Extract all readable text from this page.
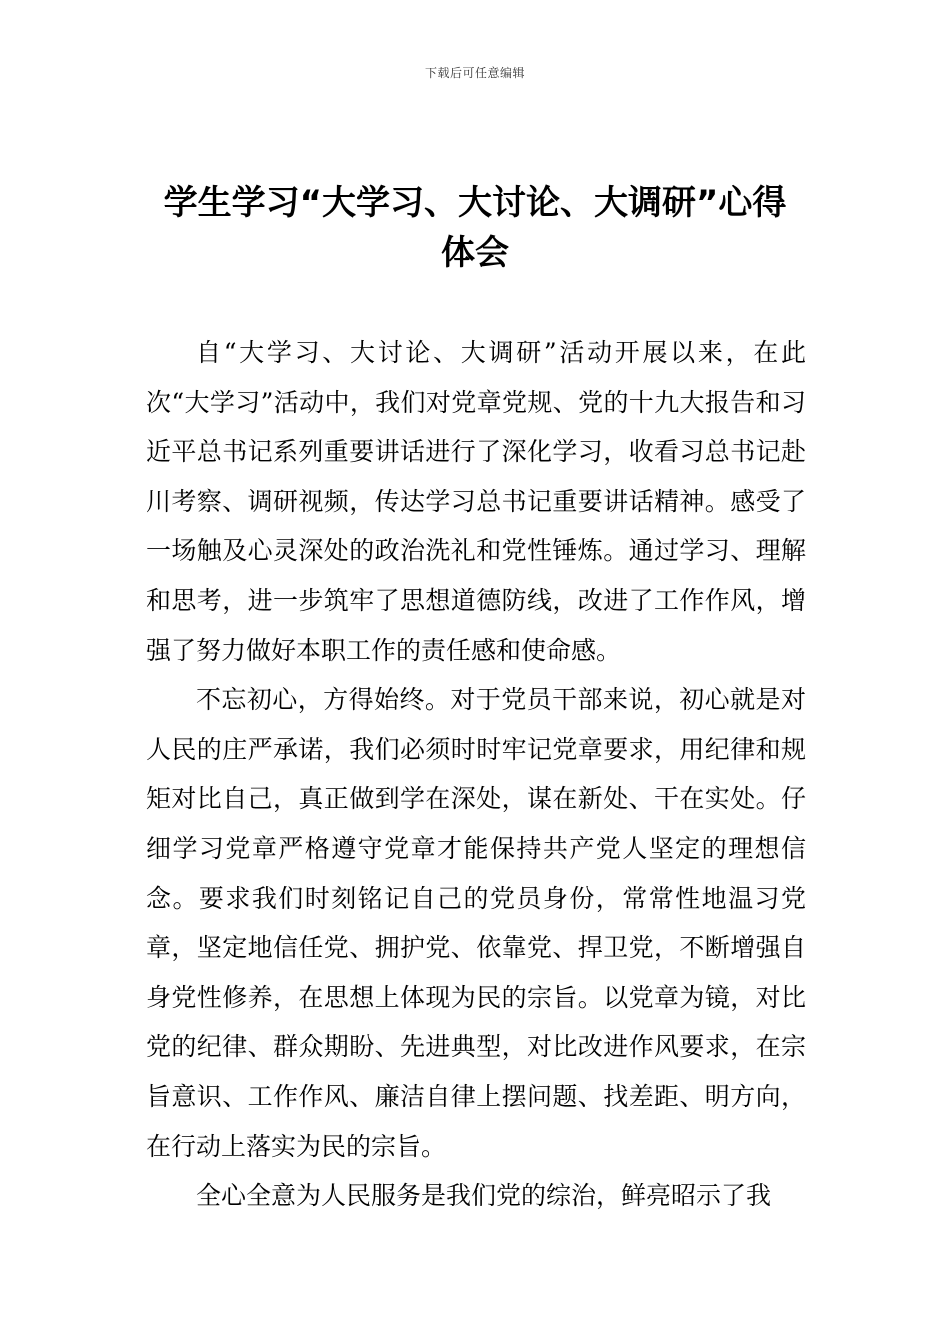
下载后可任意编辑
学生学习“大学习、大讨论、大调研”心得体会

自“大学习、大讨论、大调研”活动开展以来，在此次“大学习”活动中，我们对党章党规、党的十九大报告和习近平总书记系列重要讲话进行了深化学习，收看习总书记赴川考察、调研视频，传达学习总书记重要讲话精神。感受了一场触及心灵深处的政治洗礼和党性锤炼。通过学习、理解和思考，进一步筑牢了思想道德防线，改进了工作作风，增强了努力做好本职工作的责任感和使命感。

不忘初心，方得始终。对于党员干部来说，初心就是对人民的庄严承诺，我们必须时时牢记党章要求，用纪律和规矩对比自己，真正做到学在深处，谋在新处、干在实处。仔细学习党章严格遵守党章才能保持共产党人坚定的理想信念。要求我们时刻铭记自己的党员身份，常常性地温习党章，坚定地信任党、拥护党、依靠党、捍卫党，不断增强自身党性修养，在思想上体现为民的宗旨。以党章为镜，对比党的纪律、群众期盼、先进典型，对比改进作风要求，在宗旨意识、工作作风、廉洁自律上摆问题、找差距、明方向，在行动上落实为民的宗旨。

全心全意为人民服务是我们党的综治，鲜亮昭示了我
